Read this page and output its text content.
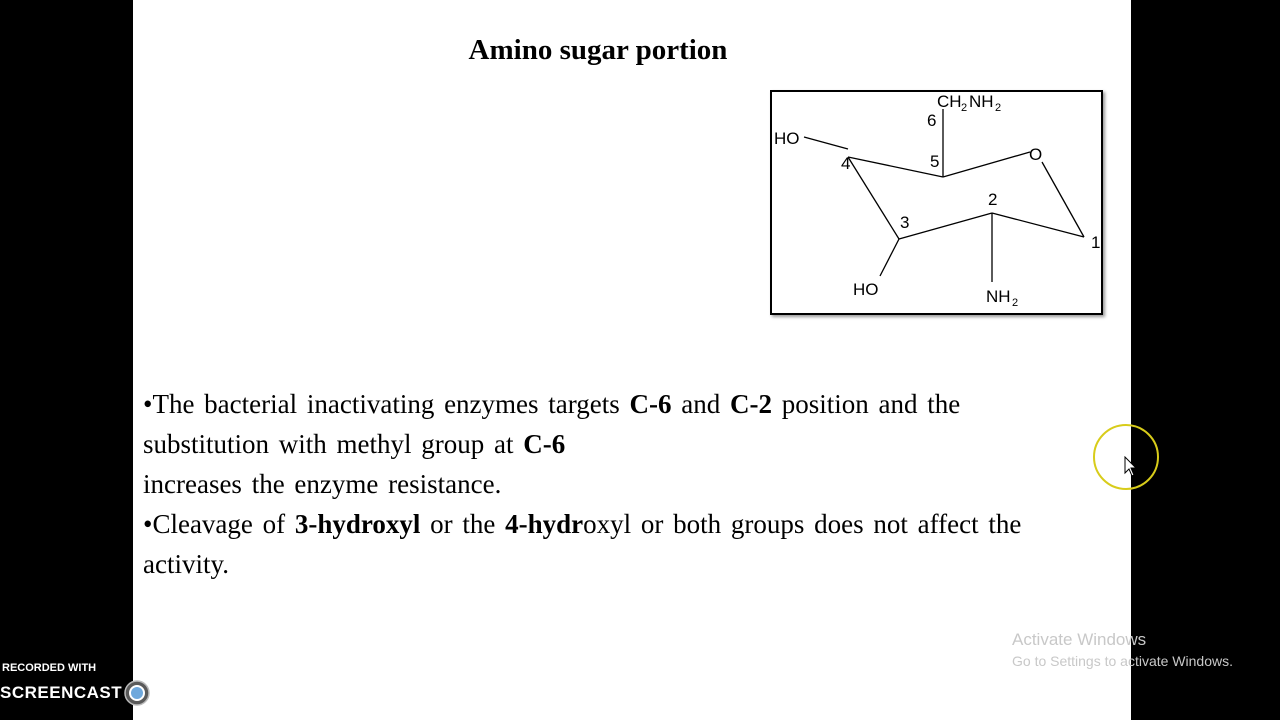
Amino sugar portion
CH 2 NH 2
6
5
4
3
2
1
O
HO
HO	NH 2

•The bacterial inactivating enzymes targets C-6 and C-2 position and the substitution with methyl group at C-6

increases the enzyme resistance.

•Cleavage of 3-hydroxyl or the 4-hydroxyl or both groups does not affect the activity.

Activate Windows
Go to Settings to activate Windows.
RECORDED WITH
SCREENCAST MATIC
